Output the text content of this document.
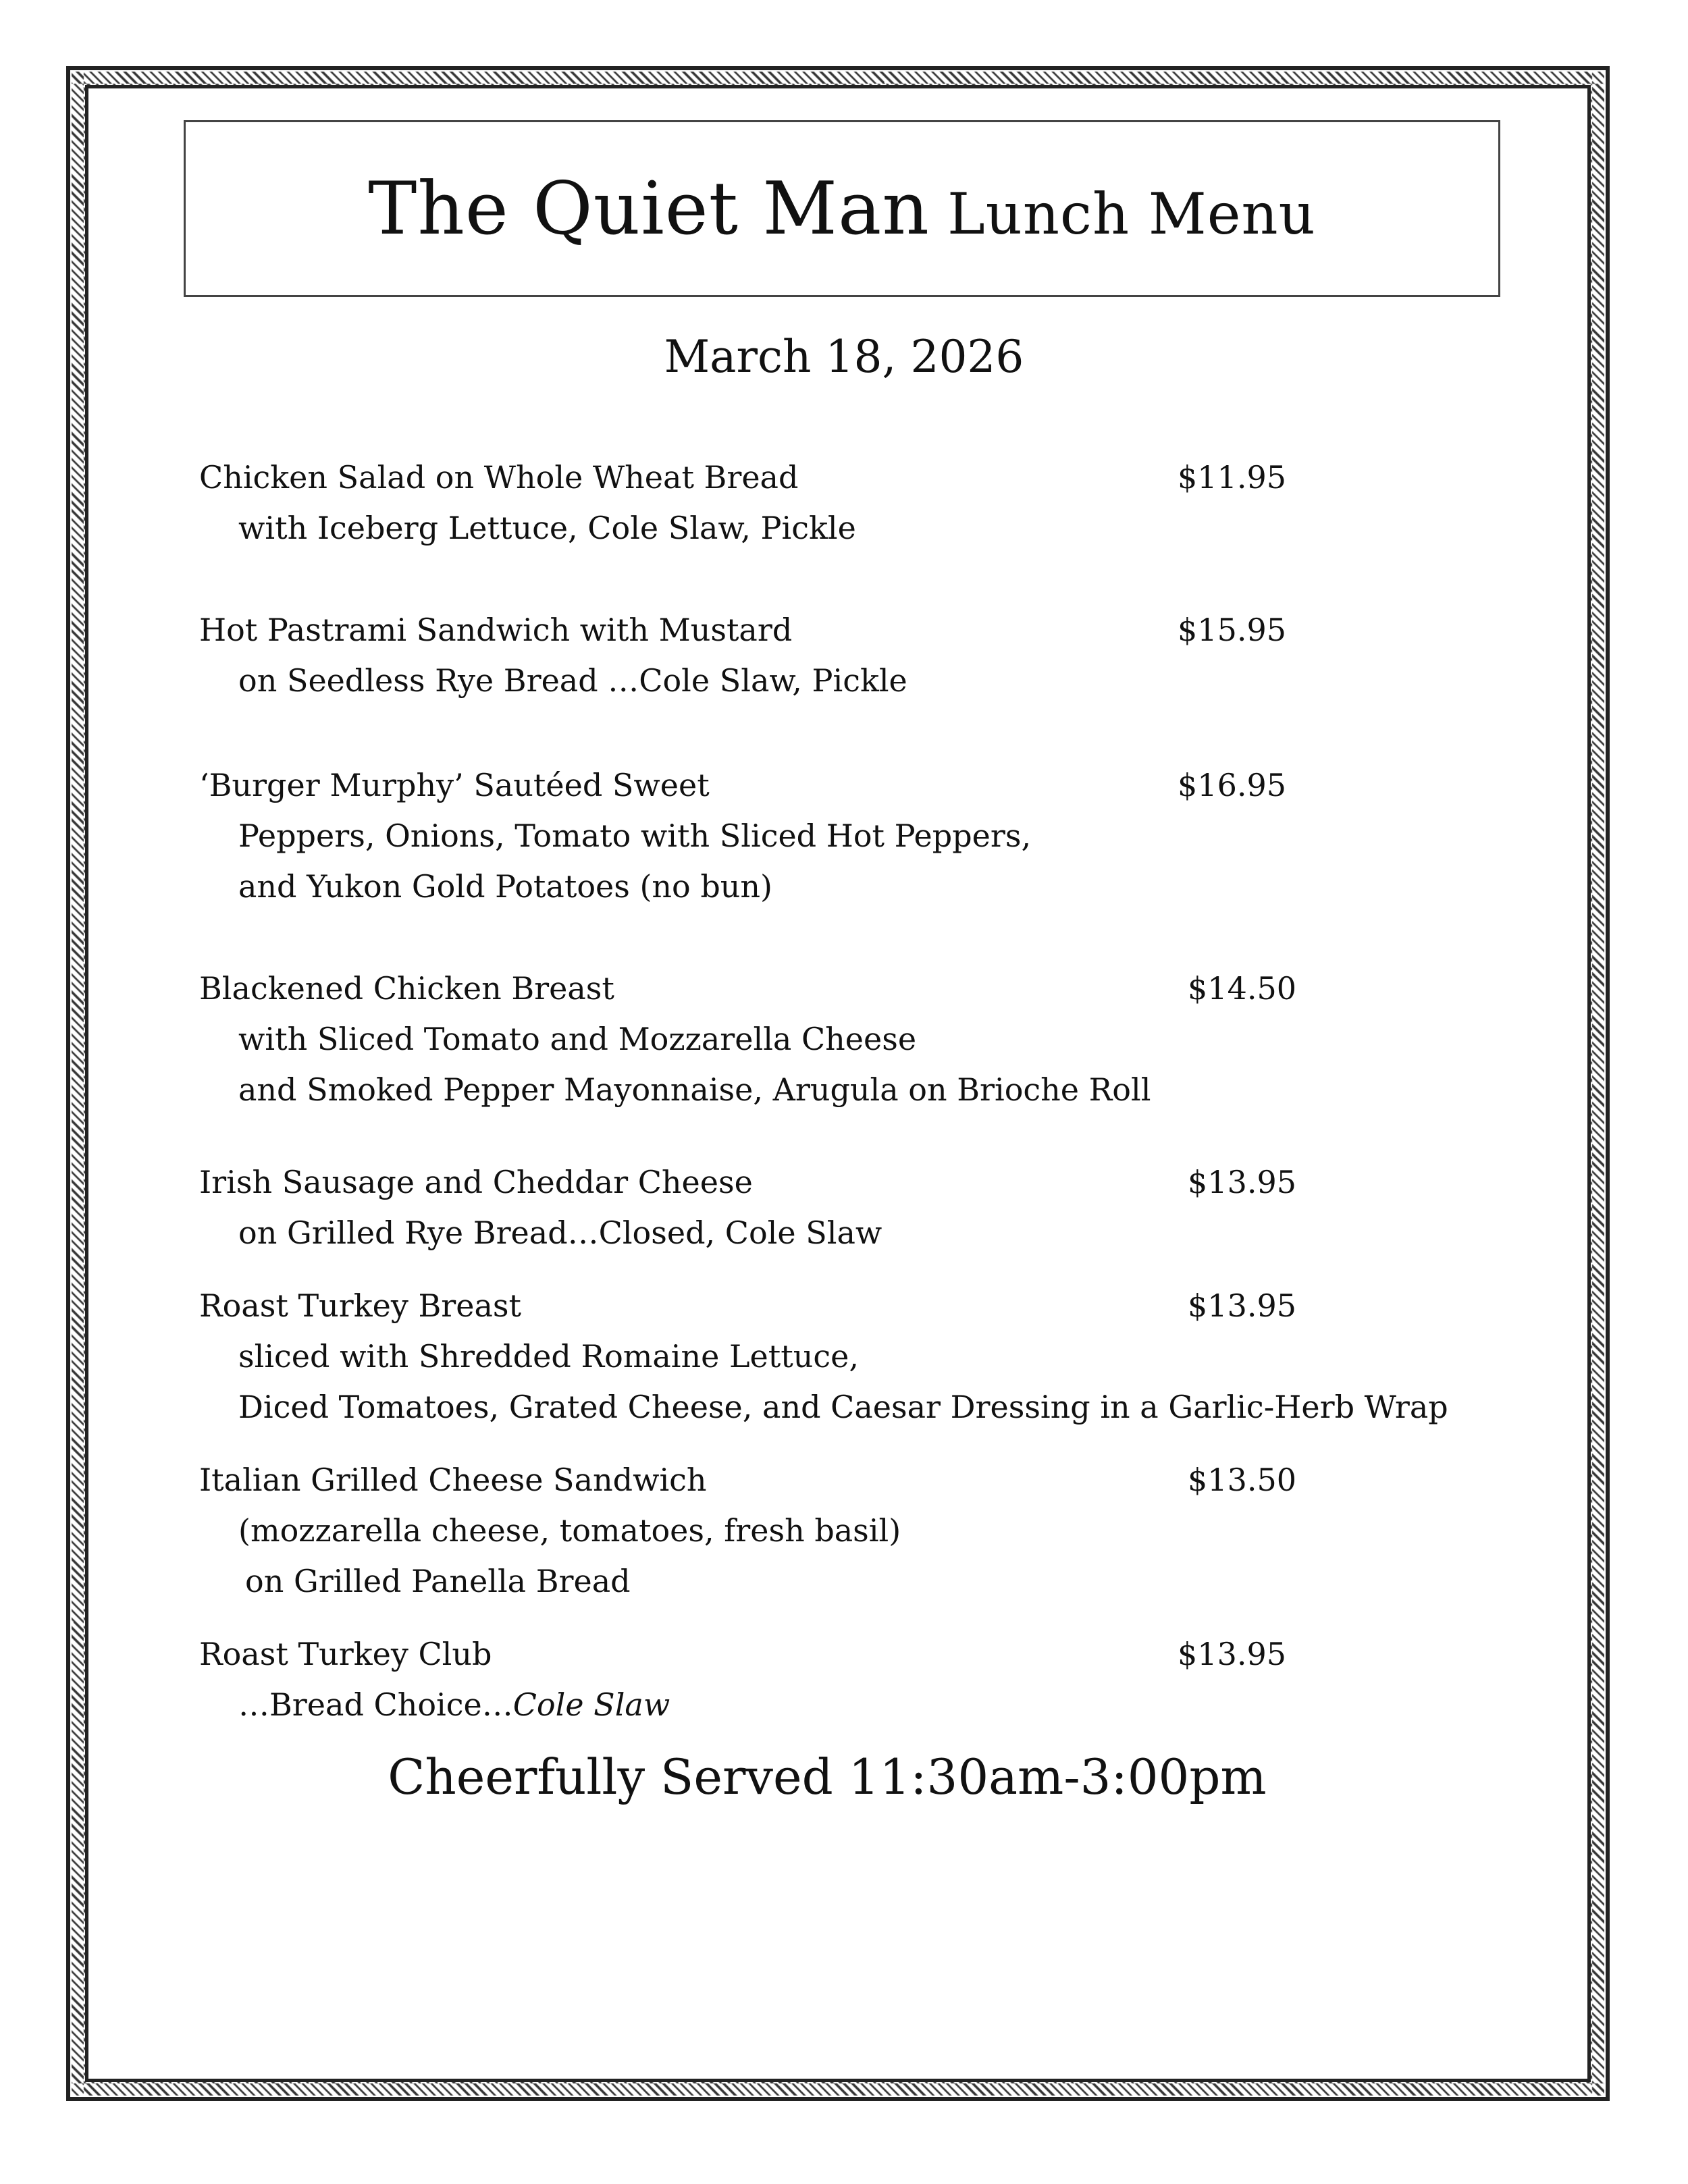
The Quiet Man Lunch Menu
March 18, 2026
Chicken Salad on Whole Wheat Bread	$11.95
with Iceberg Lettuce, Cole Slaw, Pickle
Hot Pastrami Sandwich with Mustard	$15.95
on Seedless Rye Bread …Cole Slaw, Pickle
‘Burger Murphy’ Sautéed Sweet	$16.95
Peppers, Onions, Tomato with Sliced Hot Peppers,
and Yukon Gold Potatoes (no bun)
Blackened Chicken Breast	$14.50
with Sliced Tomato and Mozzarella Cheese
and Smoked Pepper Mayonnaise, Arugula on Brioche Roll
Irish Sausage and Cheddar Cheese	$13.95
on Grilled Rye Bread…Closed, Cole Slaw
Roast Turkey Breast	$13.95
sliced with Shredded Romaine Lettuce,
Diced Tomatoes, Grated Cheese, and Caesar Dressing in a Garlic-Herb Wrap
Italian Grilled Cheese Sandwich	$13.50
(mozzarella cheese, tomatoes, fresh basil)
on Grilled Panella Bread
Roast Turkey Club	$13.95
…Bread Choice…Cole Slaw
Cheerfully Served 11:30am-3:00pm
